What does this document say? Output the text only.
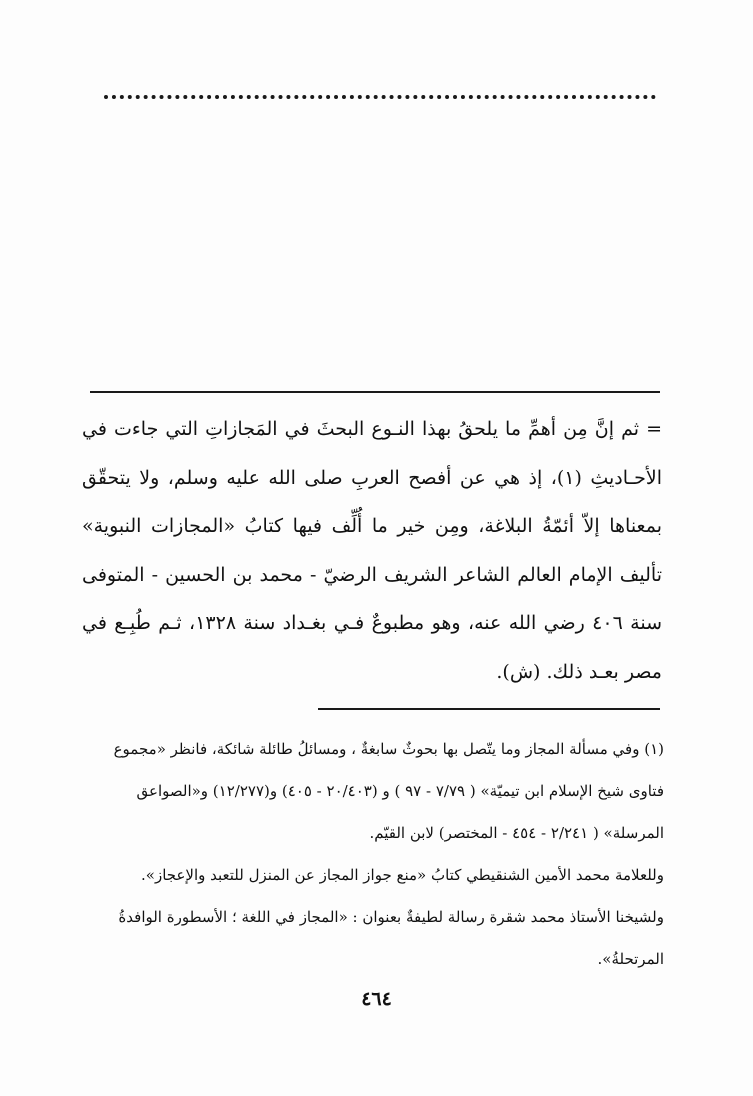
= ثم إنَّ مِن أهمِّ ما يلحقُ بهذا النـوع البحثَ في المَجازاتِ التي جاءت في الأحـاديثِ (١)، إذ هي عن أفصح العربِ صلى الله عليه وسلم، ولا يتحقّق بمعناها إلاّ أئمّةُ البلاغة، ومِن خير ما أُلِّف فيها كتابُ «المجازات النبوية» تأليف الإمام العالم الشاعر الشريف الرضيّ - محمد بن الحسين - المتوفى سنة ٤٠٦ رضي الله عنه، وهو مطبوعٌ فـي بغـداد سنة ١٣٢٨، ثـم طُبِـع في مصر بعـد ذلك. (ش).

(١) وفي مسألة المجاز وما يتّصل بها بحوثٌ سابغةٌ ، ومسائلُ طائلة شائكة، فانظر «مجموع فتاوى شيخ الإسلام ابن تيميّة» ( ٧/٧٩ - ٩٧ ) و (٢٠/٤٠٣ - ٤٠٥) و(١٢/٢٧٧) و«الصواعق المرسلة» ( ٢/٢٤١ - ٤٥٤ - المختصر) لابن القيّم.

وللعلامة محمد الأمين الشنقيطي كتابُ «منع جواز المجاز عن المنزل للتعبد والإعجاز».

ولشيخنا الأستاذ محمد شقرة رسالة لطيفةٌ بعنوان : «المجاز في اللغة ؛ الأسطورة الوافدةُ المرتحلةُ».

٤٦٤
